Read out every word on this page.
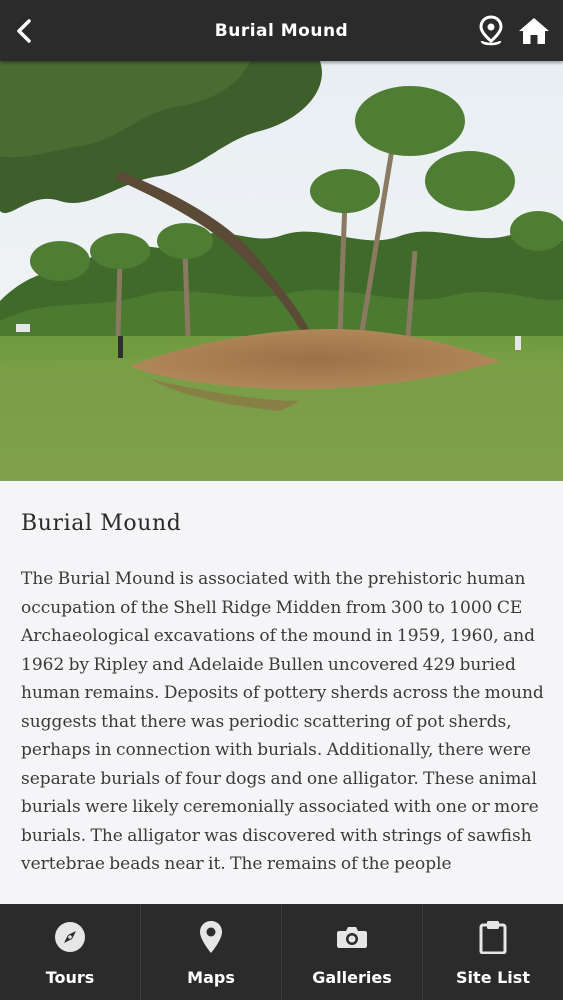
Burial Mound
Burial Mound

The Burial Mound is associated with the prehistoric human occupation of the Shell Ridge Midden from 300 to 1000 CE Archaeological excavations of the mound in 1959, 1960, and 1962 by Ripley and Adelaide Bullen uncovered 429 buried human remains. Deposits of pottery sherds across the mound suggests that there was periodic scattering of pot sherds, perhaps in connection with burials. Additionally, there were separate burials of four dogs and one alligator. These animal burials were likely ceremonially associated with one or more burials. The alligator was discovered with strings of sawfish vertebrae beads near it. The remains of the people

Tours	Maps	Galleries	Site List
